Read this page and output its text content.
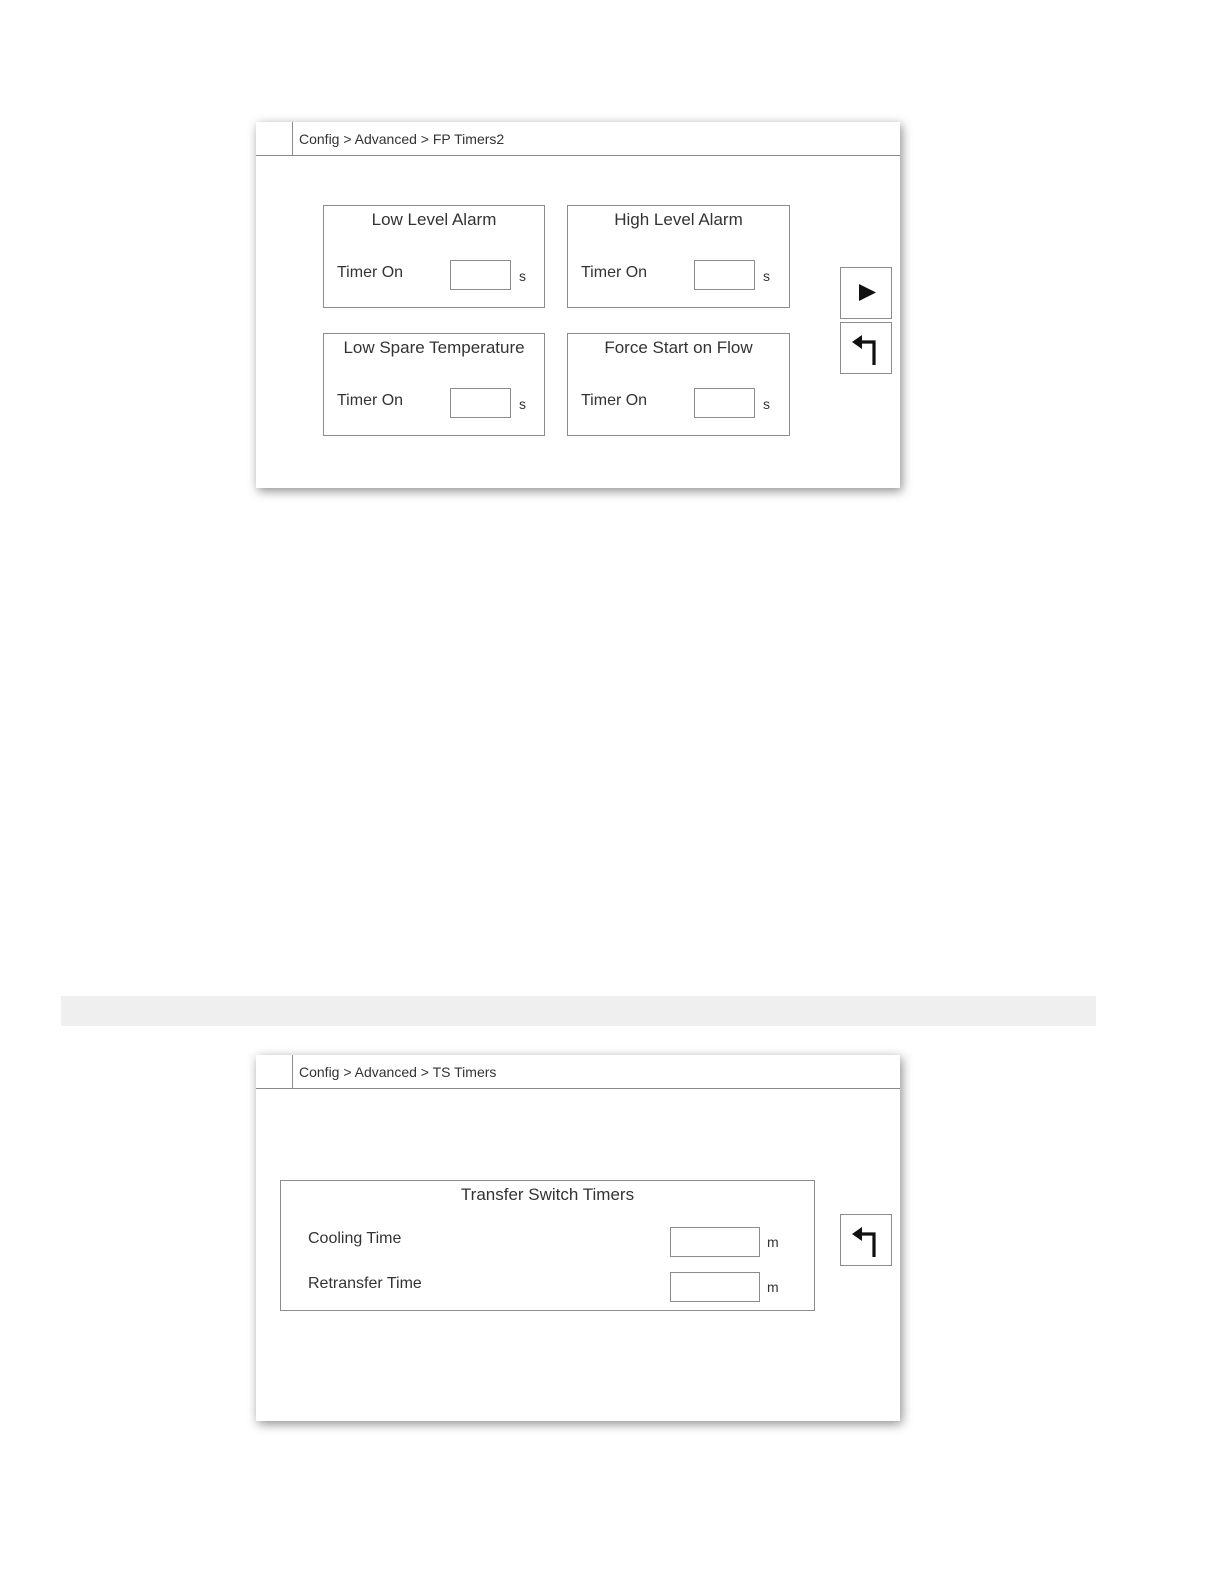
Config > Advanced > FP Timers2
Low Level Alarm
Timer On	s
High Level Alarm
Timer On	s
Low Spare Temperature
Timer On	s
Force Start on Flow
Timer On	s
Config > Advanced > TS Timers
Transfer Switch Timers
Cooling Time	m
Retransfer Time	m
